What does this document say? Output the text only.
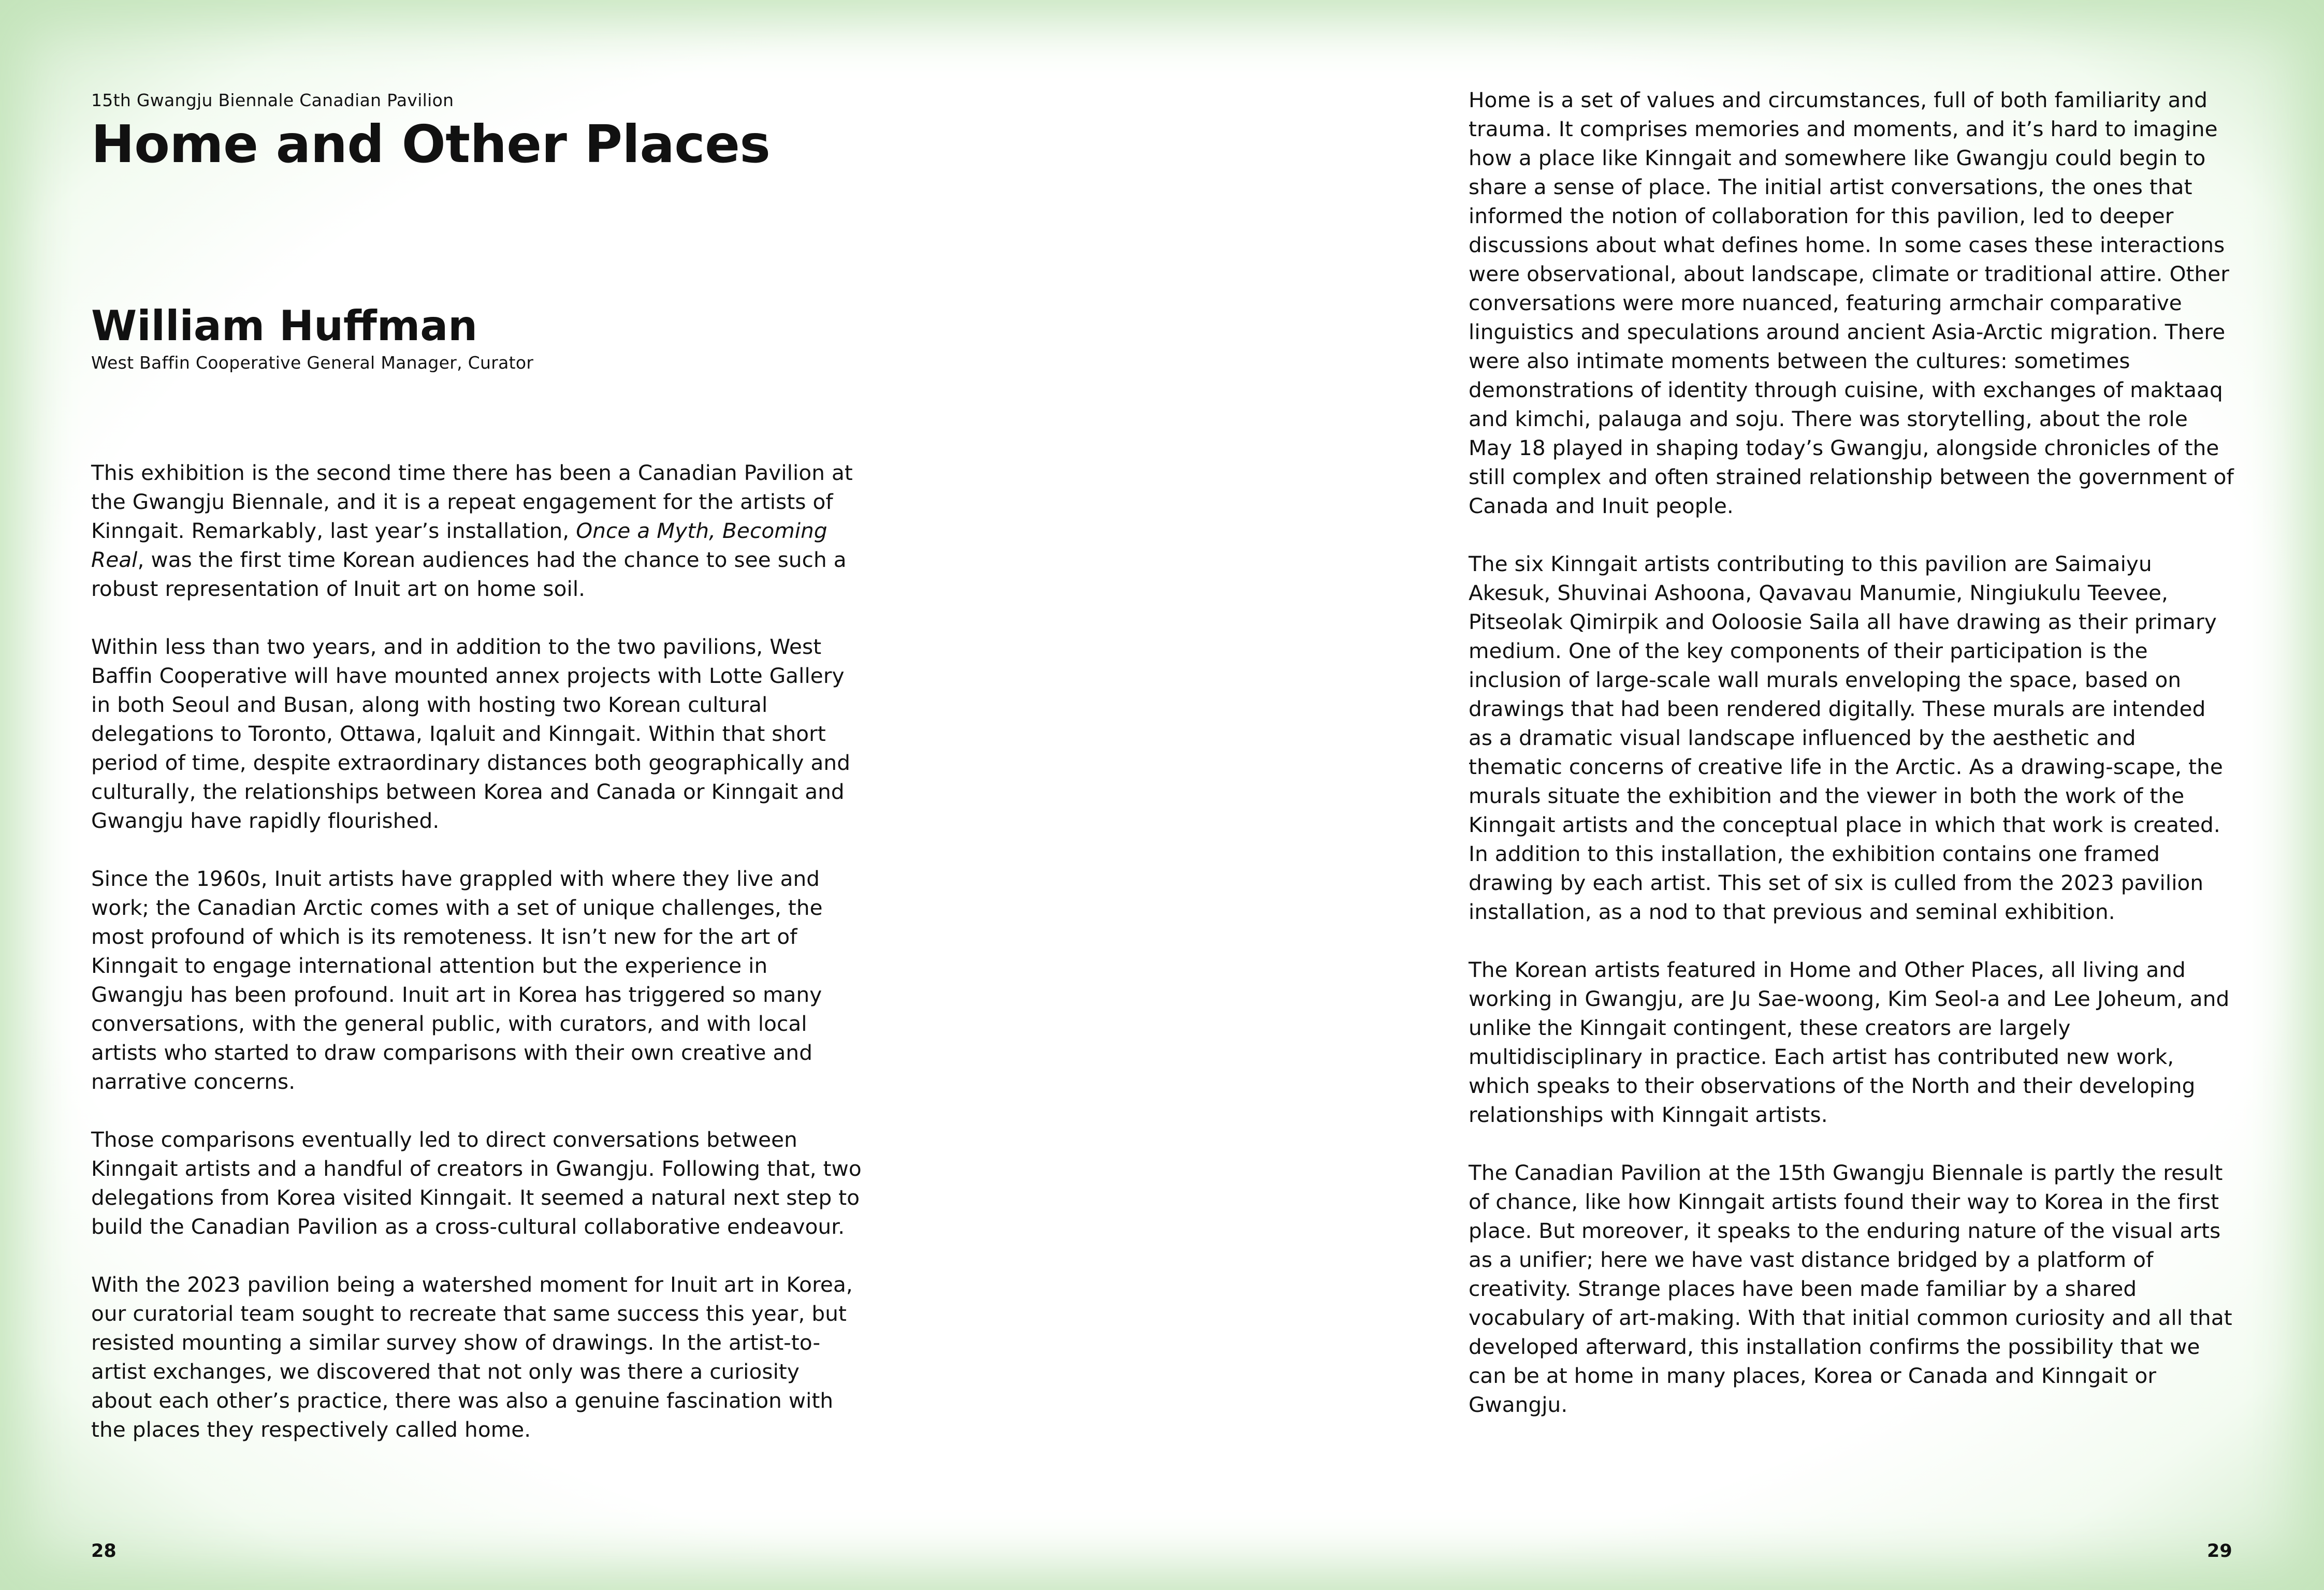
15th Gwangju Biennale Canadian Pavilion
Home and Other Places
William Huffman
West Baffin Cooperative General Manager, Curator

This exhibition is the second time there has been a Canadian Pavilion at the Gwangju Biennale, and it is a repeat engagement for the artists of Kinngait. Remarkably, last year’s installation, Once a Myth, Becoming Real, was the first time Korean audiences had the chance to see such a robust representation of Inuit art on home soil.

Within less than two years, and in addition to the two pavilions, West Baffin Cooperative will have mounted annex projects with Lotte Gallery in both Seoul and Busan, along with hosting two Korean cultural delegations to Toronto, Ottawa, Iqaluit and Kinngait. Within that short period of time, despite extraordinary distances both geographically and culturally, the relationships between Korea and Canada or Kinngait and Gwangju have rapidly flourished.

Since the 1960s, Inuit artists have grappled with where they live and work; the Canadian Arctic comes with a set of unique challenges, the most profound of which is its remoteness. It isn’t new for the art of Kinngait to engage international attention but the experience in Gwangju has been profound. Inuit art in Korea has triggered so many conversations, with the general public, with curators, and with local artists who started to draw comparisons with their own creative and narrative concerns.

Those comparisons eventually led to direct conversations between Kinngait artists and a handful of creators in Gwangju. Following that, two delegations from Korea visited Kinngait. It seemed a natural next step to build the Canadian Pavilion as a cross-cultural collaborative endeavour.

With the 2023 pavilion being a watershed moment for Inuit art in Korea, our curatorial team sought to recreate that same success this year, but resisted mounting a similar survey show of drawings. In the artist-to-artist exchanges, we discovered that not only was there a curiosity about each other’s practice, there was also a genuine fascination with the places they respectively called home.

28

Home is a set of values and circumstances, full of both familiarity and trauma. It comprises memories and moments, and it’s hard to imagine how a place like Kinngait and somewhere like Gwangju could begin to share a sense of place. The initial artist conversations, the ones that informed the notion of collaboration for this pavilion, led to deeper discussions about what defines home. In some cases these interactions were observational, about landscape, climate or traditional attire. Other conversations were more nuanced, featuring armchair comparative linguistics and speculations around ancient Asia-Arctic migration. There were also intimate moments between the cultures: sometimes demonstrations of identity through cuisine, with exchanges of maktaaq and kimchi, palauga and soju. There was storytelling, about the role May 18 played in shaping today’s Gwangju, alongside chronicles of the still complex and often strained relationship between the government of Canada and Inuit people.

The six Kinngait artists contributing to this pavilion are Saimaiyu Akesuk, Shuvinai Ashoona, Qavavau Manumie, Ningiukulu Teevee, Pitseolak Qimirpik and Ooloosie Saila all have drawing as their primary medium. One of the key components of their participation is the inclusion of large-scale wall murals enveloping the space, based on drawings that had been rendered digitally. These murals are intended as a dramatic visual landscape influenced by the aesthetic and thematic concerns of creative life in the Arctic. As a drawing-scape, the murals situate the exhibition and the viewer in both the work of the Kinngait artists and the conceptual place in which that work is created. In addition to this installation, the exhibition contains one framed drawing by each artist. This set of six is culled from the 2023 pavilion installation, as a nod to that previous and seminal exhibition.

The Korean artists featured in Home and Other Places, all living and working in Gwangju, are Ju Sae-woong, Kim Seol-a and Lee Joheum, and unlike the Kinngait contingent, these creators are largely multidisciplinary in practice. Each artist has contributed new work, which speaks to their observations of the North and their developing relationships with Kinngait artists.

The Canadian Pavilion at the 15th Gwangju Biennale is partly the result of chance, like how Kinngait artists found their way to Korea in the first place. But moreover, it speaks to the enduring nature of the visual arts as a unifier; here we have vast distance bridged by a platform of creativity. Strange places have been made familiar by a shared vocabulary of art-making. With that initial common curiosity and all that developed afterward, this installation confirms the possibility that we can be at home in many places, Korea or Canada and Kinngait or Gwangju.

29
